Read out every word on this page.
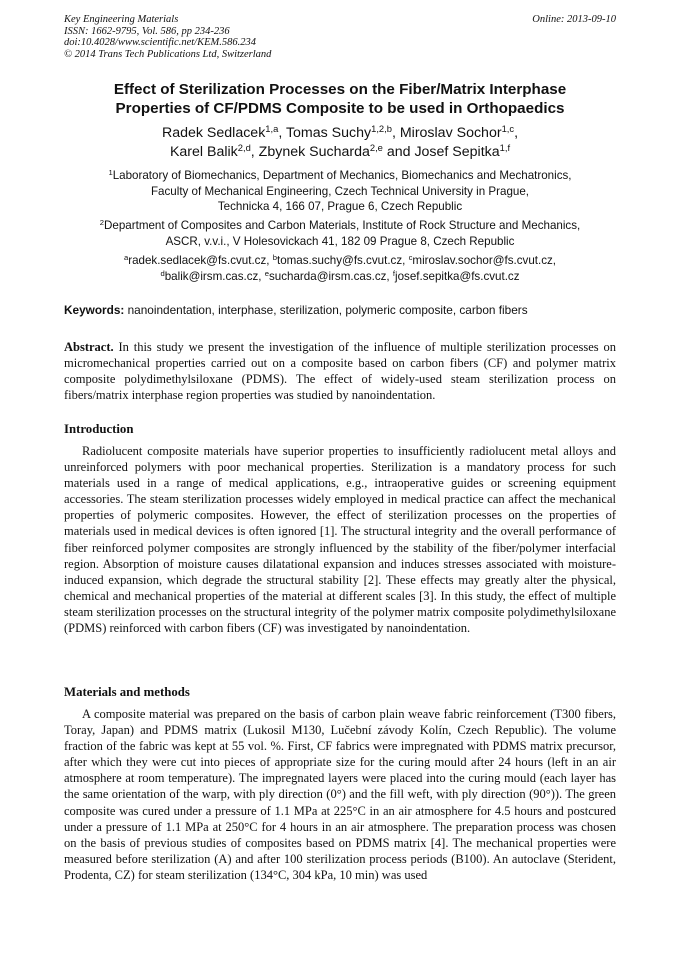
Key Engineering Materials
ISSN: 1662-9795, Vol. 586, pp 234-236
doi:10.4028/www.scientific.net/KEM.586.234
© 2014 Trans Tech Publications Ltd, Switzerland
Online: 2013-09-10
Effect of Sterilization Processes on the Fiber/Matrix Interphase
Properties of CF/PDMS Composite to be used in Orthopaedics
Radek Sedlacek$^{1,a}$, Tomas Suchy$^{1,2,b}$, Miroslav Sochor$^{1,c}$,
Karel Balik$^{2,d}$, Zbynek Sucharda$^{2,e}$ and Josef Sepitka$^{1,f}$
$^1$Laboratory of Biomechanics, Department of Mechanics, Biomechanics and Mechatronics,
Faculty of Mechanical Engineering, Czech Technical University in Prague,
Technicka 4, 166 07, Prague 6, Czech Republic
$^2$Department of Composites and Carbon Materials, Institute of Rock Structure and Mechanics,
ASCR, v.v.i., V Holesovickach 41, 182 09 Prague 8, Czech Republic
$^a$radek.sedlacek@fs.cvut.cz, $^b$tomas.suchy@fs.cvut.cz, $^c$miroslav.sochor@fs.cvut.cz,
$^d$balik@irsm.cas.cz, $^e$sucharda@irsm.cas.cz, $^f$josef.sepitka@fs.cvut.cz
Keywords: nanoindentation, interphase, sterilization, polymeric composite, carbon fibers

Abstract. In this study we present the investigation of the influence of multiple sterilization processes on micromechanical properties carried out on a composite based on carbon fibers (CF) and polymer matrix composite polydimethylsiloxane (PDMS). The effect of widely-used steam sterilization process on fibers/matrix interphase region properties was studied by nanoindentation.

Introduction

Radiolucent composite materials have superior properties to insufficiently radiolucent metal alloys and unreinforced polymers with poor mechanical properties. Sterilization is a mandatory process for such materials used in a range of medical applications, e.g., intraoperative guides or screening equipment accessories. The steam sterilization processes widely employed in medical practice can affect the mechanical properties of polymeric composites. However, the effect of sterilization processes on the properties of materials used in medical devices is often ignored [1]. The structural integrity and the overall performance of fiber reinforced polymer composites are strongly influenced by the stability of the fiber/polymer interfacial region. Absorption of moisture causes dilatational expansion and induces stresses associated with moisture-induced expansion, which degrade the structural stability [2]. These effects may greatly alter the physical, chemical and mechanical properties of the material at different scales [3]. In this study, the effect of multiple steam sterilization processes on the structural integrity of the polymer matrix composite polydimethylsiloxane (PDMS) reinforced with carbon fibers (CF) was investigated by nanoindentation.

Materials and methods

A composite material was prepared on the basis of carbon plain weave fabric reinforcement (T300 fibers, Toray, Japan) and PDMS matrix (Lukosil M130, Lučební závody Kolín, Czech Republic). The volume fraction of the fabric was kept at 55 vol. %. First, CF fabrics were impregnated with PDMS matrix precursor, after which they were cut into pieces of appropriate size for the curing mould after 24 hours (left in an air atmosphere at room temperature). The impregnated layers were placed into the curing mould (each layer has the same orientation of the warp, with ply direction (0°) and the fill weft, with ply direction (90°)). The green composite was cured under a pressure of 1.1 MPa at 225°C in an air atmosphere for 4.5 hours and postcured under a pressure of 1.1 MPa at 250°C for 4 hours in an air atmosphere. The preparation process was chosen on the basis of previous studies of composites based on PDMS matrix [4]. The mechanical properties were measured before sterilization (A) and after 100 sterilization process periods (B100). An autoclave (Sterident, Prodenta, CZ) for steam sterilization (134°C, 304 kPa, 10 min) was used
